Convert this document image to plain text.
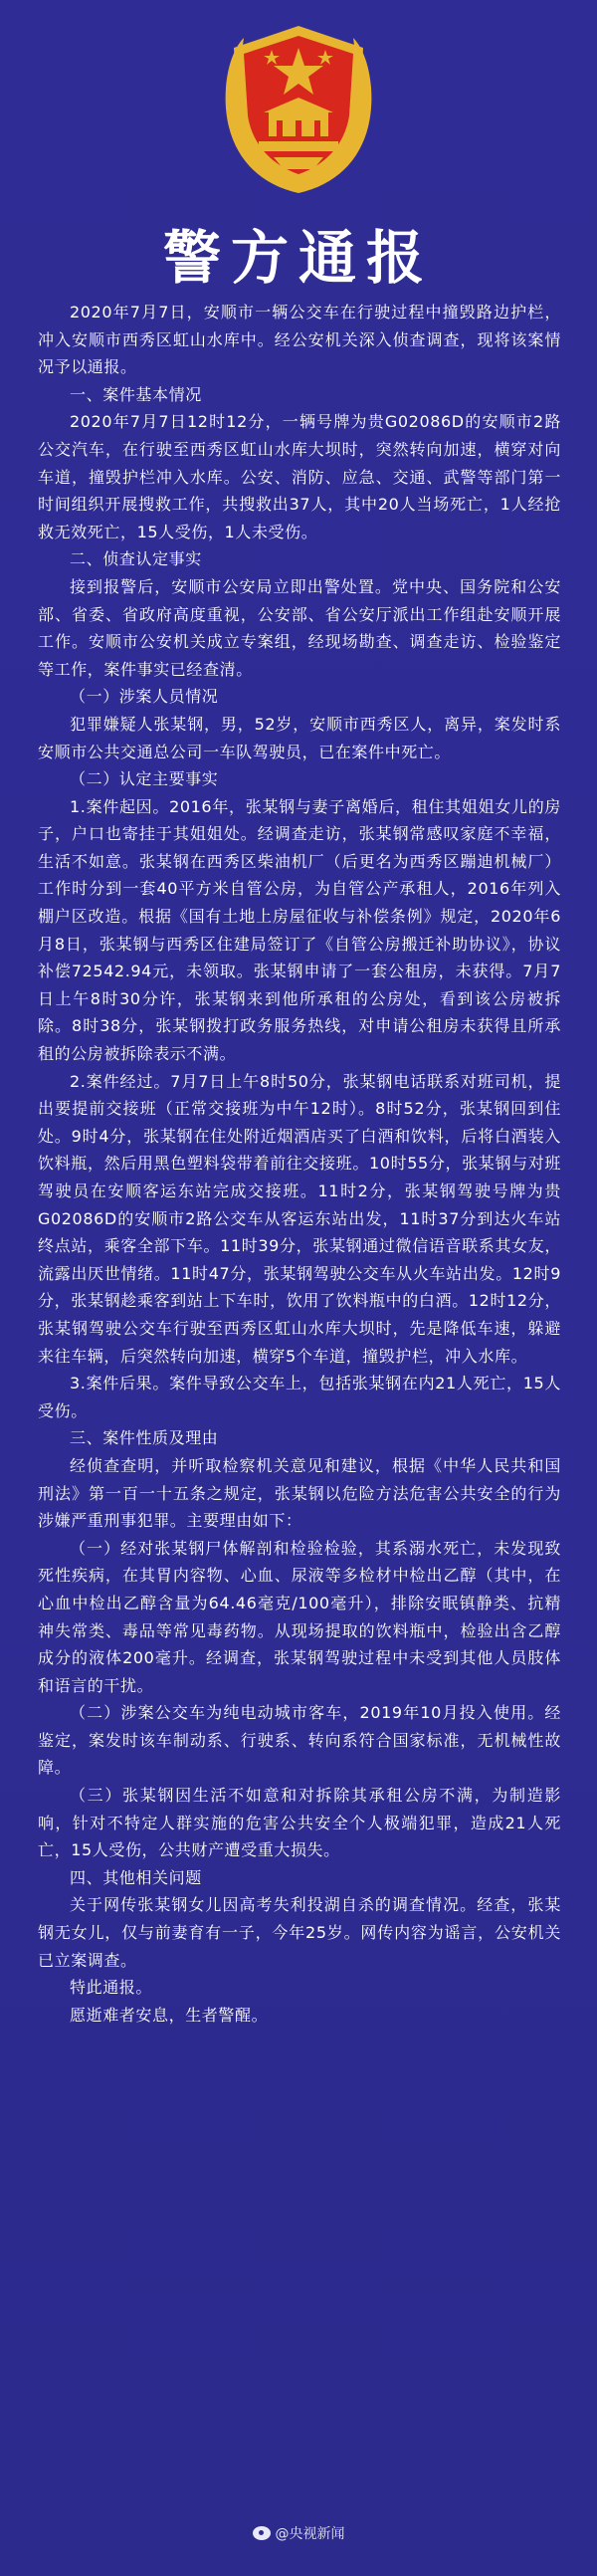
警方通报

2020年7月7日，安顺市一辆公交车在行驶过程中撞毁路边护栏，冲入安顺市西秀区虹山水库中。经公安机关深入侦查调查，现将该案情况予以通报。

一、案件基本情况

2020年7月7日12时12分，一辆号牌为贵G02086D的安顺市2路公交汽车，在行驶至西秀区虹山水库大坝时，突然转向加速，横穿对向车道，撞毁护栏冲入水库。公安、消防、应急、交通、武警等部门第一时间组织开展搜救工作，共搜救出37人，其中20人当场死亡，1人经抢救无效死亡，15人受伤，1人未受伤。

二、侦查认定事实

接到报警后，安顺市公安局立即出警处置。党中央、国务院和公安部、省委、省政府高度重视，公安部、省公安厅派出工作组赴安顺开展工作。安顺市公安机关成立专案组，经现场勘查、调查走访、检验鉴定等工作，案件事实已经查清。

（一）涉案人员情况

犯罪嫌疑人张某钢，男，52岁，安顺市西秀区人，离异，案发时系安顺市公共交通总公司一车队驾驶员，已在案件中死亡。

（二）认定主要事实

1.案件起因。2016年，张某钢与妻子离婚后，租住其姐姐女儿的房子，户口也寄挂于其姐姐处。经调查走访，张某钢常感叹家庭不幸福，生活不如意。张某钢在西秀区柴油机厂（后更名为西秀区蹦迪机械厂）工作时分到一套40平方米自管公房，为自管公产承租人，2016年列入棚户区改造。根据《国有土地上房屋征收与补偿条例》规定，2020年6月8日，张某钢与西秀区住建局签订了《自管公房搬迁补助协议》，协议补偿72542.94元，未领取。张某钢申请了一套公租房，未获得。7月7日上午8时30分许，张某钢来到他所承租的公房处，看到该公房被拆除。8时38分，张某钢拨打政务服务热线，对申请公租房未获得且所承租的公房被拆除表示不满。

2.案件经过。7月7日上午8时50分，张某钢电话联系对班司机，提出要提前交接班（正常交接班为中午12时）。8时52分，张某钢回到住处。9时4分，张某钢在住处附近烟酒店买了白酒和饮料，后将白酒装入饮料瓶，然后用黑色塑料袋带着前往交接班。10时55分，张某钢与对班驾驶员在安顺客运东站完成交接班。11时2分，张某钢驾驶号牌为贵G02086D的安顺市2路公交车从客运东站出发，11时37分到达火车站终点站，乘客全部下车。11时39分，张某钢通过微信语音联系其女友，流露出厌世情绪。11时47分，张某钢驾驶公交车从火车站出发。12时9分，张某钢趁乘客到站上下车时，饮用了饮料瓶中的白酒。12时12分，张某钢驾驶公交车行驶至西秀区虹山水库大坝时，先是降低车速，躲避来往车辆，后突然转向加速，横穿5个车道，撞毁护栏，冲入水库。

3.案件后果。案件导致公交车上，包括张某钢在内21人死亡，15人受伤。

三、案件性质及理由

经侦查查明，并听取检察机关意见和建议，根据《中华人民共和国刑法》第一百一十五条之规定，张某钢以危险方法危害公共安全的行为涉嫌严重刑事犯罪。主要理由如下：

（一）经对张某钢尸体解剖和检验检验，其系溺水死亡，未发现致死性疾病，在其胃内容物、心血、尿液等多检材中检出乙醇（其中，在心血中检出乙醇含量为64.46毫克/100毫升），排除安眠镇静类、抗精神失常类、毒品等常见毒药物。从现场提取的饮料瓶中，检验出含乙醇成分的液体200毫升。经调查，张某钢驾驶过程中未受到其他人员肢体和语言的干扰。

（二）涉案公交车为纯电动城市客车，2019年10月投入使用。经鉴定，案发时该车制动系、行驶系、转向系符合国家标准，无机械性故障。

（三）张某钢因生活不如意和对拆除其承租公房不满，为制造影响，针对不特定人群实施的危害公共安全个人极端犯罪，造成21人死亡，15人受伤，公共财产遭受重大损失。

四、其他相关问题

关于网传张某钢女儿因高考失利投湖自杀的调查情况。经查，张某钢无女儿，仅与前妻育有一子，今年25岁。网传内容为谣言，公安机关已立案调查。

特此通报。

愿逝难者安息，生者警醒。

@央视新闻
